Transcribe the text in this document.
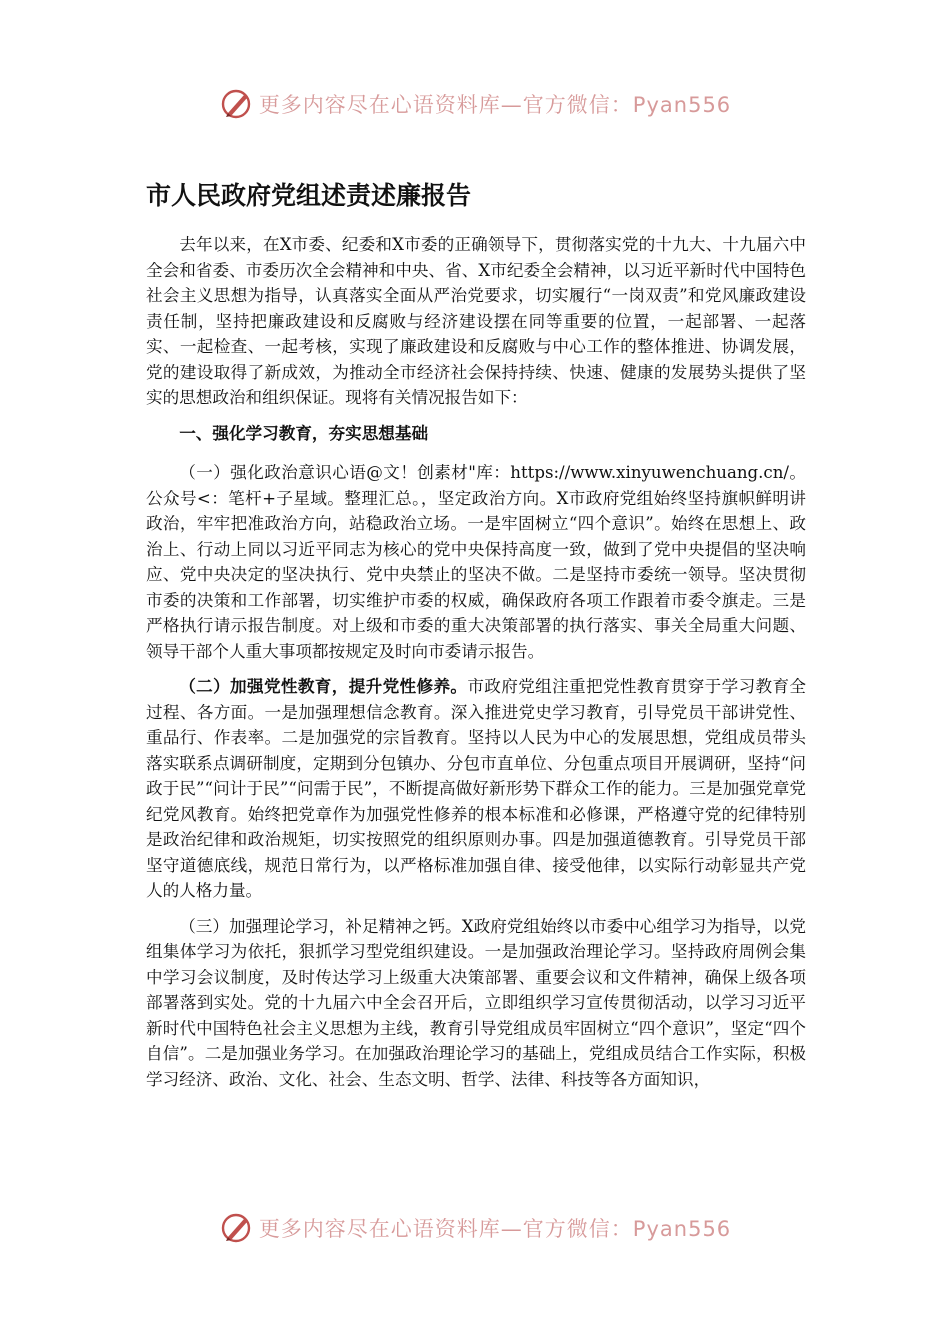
更多内容尽在心语资料库—官方微信：Pyan556
市人民政府党组述责述廉报告

去年以来，在X市委、纪委和X市委的正确领导下，贯彻落实党的十九大、十九届六中全会和省委、市委历次全会精神和中央、省、X市纪委全会精神，以习近平新时代中国特色社会主义思想为指导，认真落实全面从严治党要求，切实履行“一岗双责”和党风廉政建设责任制，坚持把廉政建设和反腐败与经济建设摆在同等重要的位置，一起部署、一起落实、一起检查、一起考核，实现了廉政建设和反腐败与中心工作的整体推进、协调发展，党的建设取得了新成效，为推动全市经济社会保持持续、快速、健康的发展势头提供了坚实的思想政治和组织保证。现将有关情况报告如下：

一、强化学习教育，夯实思想基础

（一）强化政治意识心语@文！创素材"库：https://www.xinyuwenchuang.cn/。公众号<：笔杆+子星域。整理汇总。，坚定政治方向。X市政府党组始终坚持旗帜鲜明讲政治，牢牢把准政治方向，站稳政治立场。一是牢固树立“四个意识”。始终在思想上、政治上、行动上同以习近平同志为核心的党中央保持高度一致，做到了党中央提倡的坚决响应、党中央决定的坚决执行、党中央禁止的坚决不做。二是坚持市委统一领导。坚决贯彻市委的决策和工作部署，切实维护市委的权威，确保政府各项工作跟着市委令旗走。三是严格执行请示报告制度。对上级和市委的重大决策部署的执行落实、事关全局重大问题、领导干部个人重大事项都按规定及时向市委请示报告。

（二）加强党性教育，提升党性修养。市政府党组注重把党性教育贯穿于学习教育全过程、各方面。一是加强理想信念教育。深入推进党史学习教育，引导党员干部讲党性、重品行、作表率。二是加强党的宗旨教育。坚持以人民为中心的发展思想，党组成员带头落实联系点调研制度，定期到分包镇办、分包市直单位、分包重点项目开展调研，坚持“问政于民”“问计于民”“问需于民”，不断提高做好新形势下群众工作的能力。三是加强党章党纪党风教育。始终把党章作为加强党性修养的根本标准和必修课，严格遵守党的纪律特别是政治纪律和政治规矩，切实按照党的组织原则办事。四是加强道德教育。引导党员干部坚守道德底线，规范日常行为，以严格标准加强自律、接受他律，以实际行动彰显共产党人的人格力量。

（三）加强理论学习，补足精神之钙。X政府党组始终以市委中心组学习为指导，以党组集体学习为依托，狠抓学习型党组织建设。一是加强政治理论学习。坚持政府周例会集中学习会议制度，及时传达学习上级重大决策部署、重要会议和文件精神，确保上级各项部署落到实处。党的十九届六中全会召开后，立即组织学习宣传贯彻活动，以学习习近平新时代中国特色社会主义思想为主线，教育引导党组成员牢固树立“四个意识”，坚定“四个自信”。二是加强业务学习。在加强政治理论学习的基础上，党组成员结合工作实际，积极学习经济、政治、文化、社会、生态文明、哲学、法律、科技等各方面知识，

更多内容尽在心语资料库—官方微信：Pyan556
